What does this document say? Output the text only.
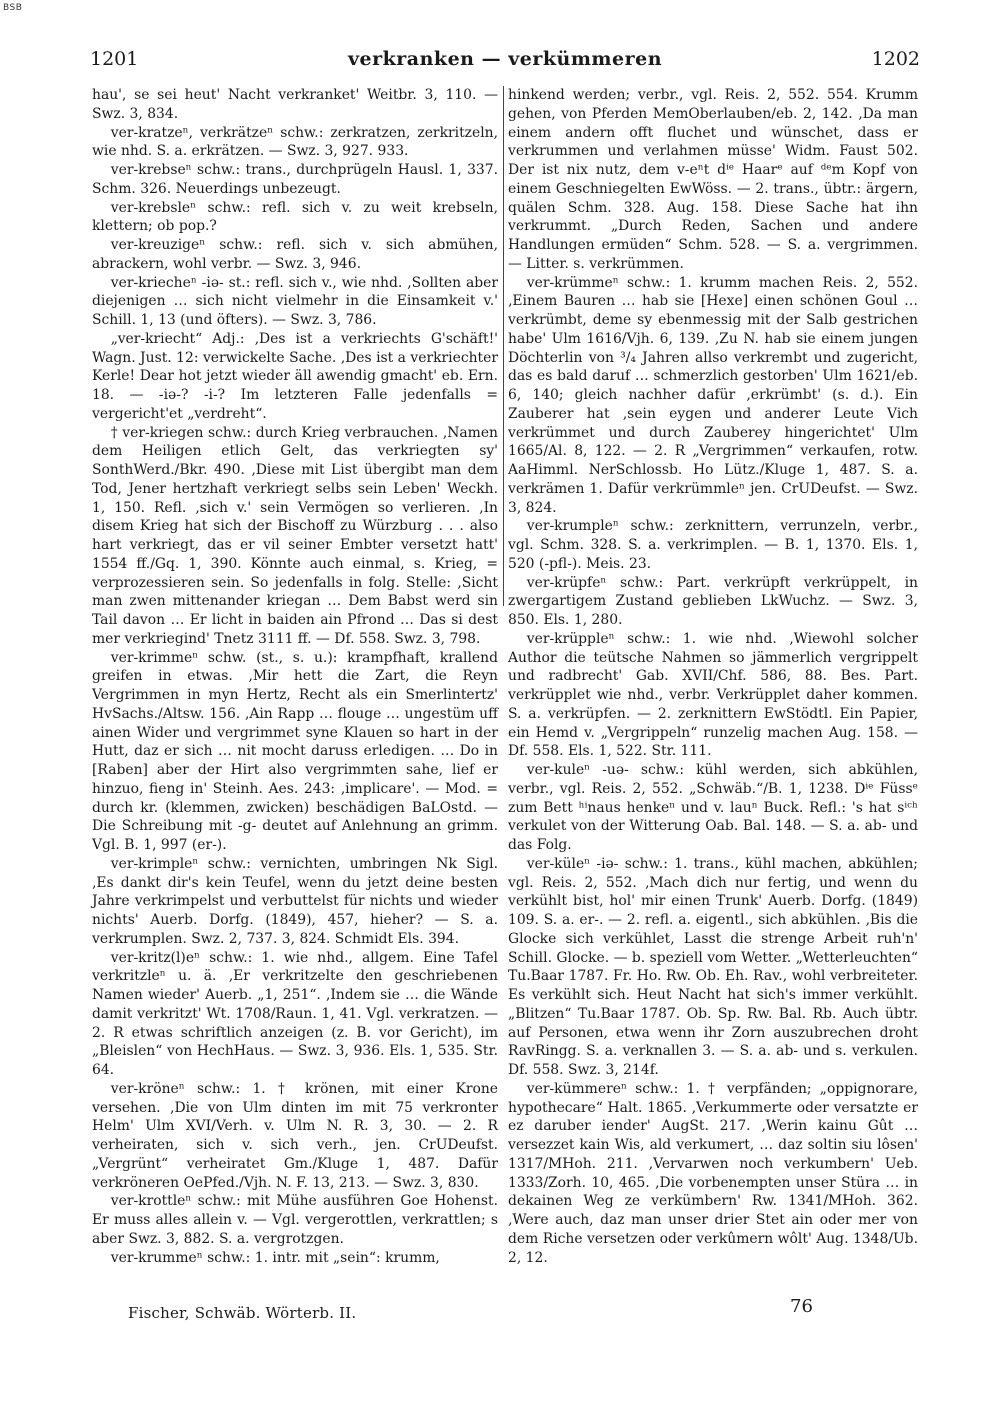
BSB
1201	verkranken — verkümmeren	1202

hau', se sei heut' Nacht verkranket' Weitbr. 3, 110. — Swz. 3, 834.

ver-kratzeⁿ, verkrätzeⁿ schw.: zerkratzen, zerkritzeln, wie nhd. S. a. erkrätzen. — Swz. 3, 927. 933.

ver-krebseⁿ schw.: trans., durchprügeln Hausl. 1, 337. Schm. 326. Neuerdings unbezeugt.

ver-krebsleⁿ schw.: refl. sich v. zu weit krebseln, klettern; ob pop.?

ver-kreuzigeⁿ schw.: refl. sich v. sich abmühen, abrackern, wohl verbr. — Swz. 3, 946.

ver-kriecheⁿ -iə- st.: refl. sich v., wie nhd. ‚Sollten aber diejenigen … sich nicht vielmehr in die Einsamkeit v.' Schill. 1, 13 (und öfters). — Swz. 3, 786.

„ver-kriecht“ Adj.: ‚Des ist a verkriechts G'schäft!' Wagn. Just. 12: verwickelte Sache. ‚Des ist a verkriechter Kerle! Dear hot jetzt wieder äll awendig gmacht' eb. Ern. 18. — -iə-? -i-? Im letzteren Falle jedenfalls = vergericht'et „verdreht“.

† ver-kriegen schw.: durch Krieg verbrauchen. ‚Namen dem Heiligen etlich Gelt, das verkriegten sy' SonthWerd./Bkr. 490. ‚Diese mit List übergibt man dem Tod, Jener hertzhaft verkriegt selbs sein Leben' Weckh. 1, 150. Refl. ‚sich v.' sein Vermögen so verlieren. ‚In disem Krieg hat sich der Bischoff zu Würzburg . . . also hart verkriegt, das er vil seiner Embter versetzt hatt' 1554 ff./Gq. 1, 390. Könnte auch einmal, s. Krieg, = verprozessieren sein. So jedenfalls in folg. Stelle: ‚Sicht man zwen mittenander kriegan … Dem Babst werd sin Tail davon … Er licht in baiden ain Pfrond … Das si dest mer verkriegind' Tnetz 3111 ff. — Df. 558. Swz. 3, 798.

ver-krimmeⁿ schw. (st., s. u.): krampfhaft, krallend greifen in etwas. ‚Mir hett die Zart, die Reyn Vergrimmen in myn Hertz, Recht als ein Smerlintertz' HvSachs./Altsw. 156. ‚Ain Rapp … flouge … ungestüm uff ainen Wider und vergrimmet syne Klauen so hart in der Hutt, daz er sich … nit mocht daruss erledigen. … Do in [Raben] aber der Hirt also vergrimmten sahe, lief er hinzuo, fieng in' Steinh. Aes. 243: ‚implicare'. — Mod. = durch kr. (klemmen, zwicken) beschädigen BaLOstd. — Die Schreibung mit -g- deutet auf Anlehnung an grimm. Vgl. B. 1, 997 (er-).

ver-krimpleⁿ schw.: vernichten, umbringen Nk Sigl. ‚Es dankt dir's kein Teufel, wenn du jetzt deine besten Jahre verkrimpelst und verbuttelst für nichts und wieder nichts' Auerb. Dorfg. (1849), 457, hieher? — S. a. verkrumplen. Swz. 2, 737. 3, 824. Schmidt Els. 394.

ver-kritz(l)eⁿ schw.: 1. wie nhd., allgem. Eine Tafel verkritzleⁿ u. ä. ‚Er verkritzelte den geschriebenen Namen wieder' Auerb. „1, 251“. ‚Indem sie … die Wände damit verkritzt' Wt. 1708/Raun. 1, 41. Vgl. verkratzen. — 2. R etwas schriftlich anzeigen (z. B. vor Gericht), im „Bleislen“ von HechHaus. — Swz. 3, 936. Els. 1, 535. Str. 64.

ver-kröneⁿ schw.: 1. † krönen, mit einer Krone versehen. ‚Die von Ulm dinten im mit 75 verkronter Helm' Ulm XVI/Verh. v. Ulm N. R. 3, 30. — 2. R verheiraten, sich v. sich verh., jen. CrUDeufst. „Vergrünt“ verheiratet Gm./Kluge 1, 487. Dafür verkröneren OePfed./Vjh. N. F. 13, 213. — Swz. 3, 830.

ver-krottleⁿ schw.: mit Mühe ausführen Goe Hohenst. Er muss alles allein v. — Vgl. vergerottlen, verkrattlen; s aber Swz. 3, 882. S. a. vergrotzgen.

ver-krummeⁿ schw.: 1. intr. mit „sein“: krumm,

hinkend werden; verbr., vgl. Reis. 2, 552. 554. Krumm gehen, von Pferden MemOberlauben/eb. 2, 142. ‚Da man einem andern offt fluchet und wünschet, dass er verkrummen und verlahmen müsse' Widm. Faust 502. Der ist nix nutz, dem v-eⁿt dⁱᵉ Haarᵉ auf ᵈᵉm Kopf von einem Geschniegelten EwWöss. — 2. trans., übtr.: ärgern, quälen Schm. 328. Aug. 158. Diese Sache hat ihn verkrummt. „Durch Reden, Sachen und andere Handlungen ermüden“ Schm. 528. — S. a. vergrimmen. — Litter. s. verkrümmen.

ver-krümmeⁿ schw.: 1. krumm machen Reis. 2, 552. ‚Einem Bauren … hab sie [Hexe] einen schönen Goul … verkrümbt, deme sy ebenmessig mit der Salb gestrichen habe' Ulm 1616/Vjh. 6, 139. ‚Zu N. hab sie einem jungen Döchterlin von ³/₄ Jahren allso verkrembt und zugericht, das es bald daruf … schmerzlich gestorben' Ulm 1621/eb. 6, 140; gleich nachher dafür ‚erkrümbt' (s. d.). Ein Zauberer hat ‚sein eygen und anderer Leute Vich verkrümmet und durch Zauberey hingerichtet' Ulm 1665/Al. 8, 122. — 2. R „Vergrimmen“ verkaufen, rotw. AaHimml. NerSchlossb. Ho Lütz./Kluge 1, 487. S. a. verkrämen 1. Dafür verkrümmleⁿ jen. CrUDeufst. — Swz. 3, 824.

ver-krumpleⁿ schw.: zerknittern, verrunzeln, verbr., vgl. Schm. 328. S. a. verkrimplen. — B. 1, 1370. Els. 1, 520 (-pfl-). Meis. 23.

ver-krüpfeⁿ schw.: Part. verkrüpft verkrüppelt, in zwergartigem Zustand geblieben LkWuchz. — Swz. 3, 850. Els. 1, 280.

ver-krüppleⁿ schw.: 1. wie nhd. ‚Wiewohl solcher Author die teütsche Nahmen so jämmerlich vergrippelt und radbrecht' Gab. XVII/Chf. 586, 88. Bes. Part. verkrüpplet wie nhd., verbr. Verkrüpplet daher kommen. S. a. verkrüpfen. — 2. zerknittern EwStödtl. Ein Papier, ein Hemd v. „Vergrippeln“ runzelig machen Aug. 158. — Df. 558. Els. 1, 522. Str. 111.

ver-kuleⁿ -uə- schw.: kühl werden, sich abkühlen, verbr., vgl. Reis. 2, 552. „Schwäb.“/B. 1, 1238. Dⁱᵉ Füssᵉ zum Bett ʰⁱnaus henkeⁿ und v. lauⁿ Buck. Refl.: 's hat sⁱᶜʰ verkulet von der Witterung Oab. Bal. 148. — S. a. ab- und das Folg.

ver-küleⁿ -iə- schw.: 1. trans., kühl machen, abkühlen; vgl. Reis. 2, 552. ‚Mach dich nur fertig, und wenn du verkühlt bist, hol' mir einen Trunk' Auerb. Dorfg. (1849) 109. S. a. er-. — 2. refl. a. eigentl., sich abkühlen. ‚Bis die Glocke sich verkühlet, Lasst die strenge Arbeit ruh'n' Schill. Glocke. — b. speziell vom Wetter. „Wetterleuchten“ Tu.Baar 1787. Fr. Ho. Rw. Ob. Eh. Rav., wohl verbreiteter. Es verkühlt sich. Heut Nacht hat sich's immer verkühlt. „Blitzen“ Tu.Baar 1787. Ob. Sp. Rw. Bal. Rb. Auch übtr. auf Personen, etwa wenn ihr Zorn auszubrechen droht RavRingg. S. a. verknallen 3. — S. a. ab- und s. verkulen. Df. 558. Swz. 3, 214f.

ver-kümmereⁿ schw.: 1. † verpfänden; „oppignorare, hypothecare“ Halt. 1865. ‚Verkummerte oder versatzte er ez daruber iender' AugSt. 217. ‚Werin kainu Gût … versezzet kain Wis, ald verkumert, … daz soltin siu lôsen' 1317/MHoh. 211. ‚Vervarwen noch verkumbern' Ueb. 1333/Zorh. 10, 465. ‚Die vorbenempten unser Stüra … in dekainen Weg ze verkümbern' Rw. 1341/MHoh. 362. ‚Were auch, daz man unser drier Stet ain oder mer von dem Riche versetzen oder verkûmern wôlt' Aug. 1348/Ub. 2, 12.

Fischer, Schwäb. Wörterb. II.	76
